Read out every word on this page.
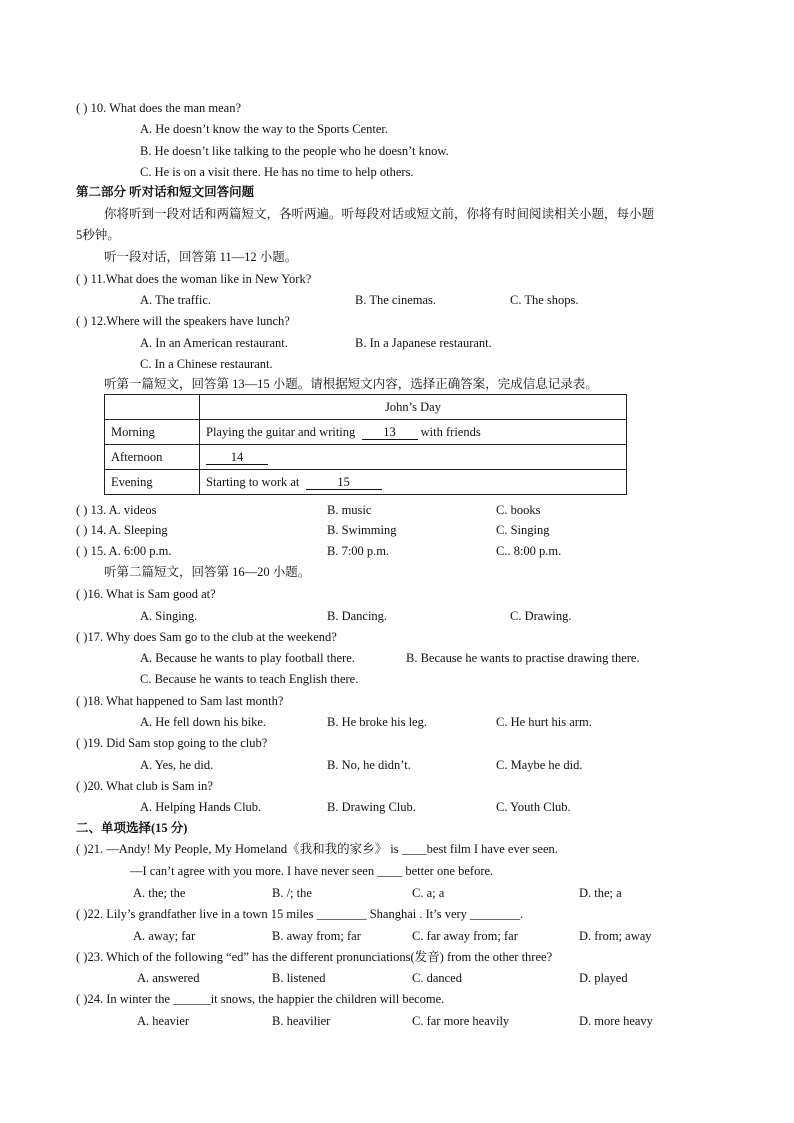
( ) 10. What does the man mean?
A. He doesn’t know the way to the Sports Center.
B. He doesn’t like talking to the people who he doesn’t know.
C. He is on a visit there. He has no time to help others.
第二部分 听对话和短文回答问题
你将听到一段对话和两篇短文，各听两遍。听每段对话或短文前，你将有时间阅读相关小题，每小题
5秒钟。
听一段对话，回答第 11—12 小题。
( ) 11.What does the woman like in New York?
A. The traffic.	B. The cinemas.	C. The shops.
( ) 12.Where will the speakers have lunch?
A. In an American restaurant.	B. In a Japanese restaurant.
C. In a Chinese restaurant.
听第一篇短文，回答第 13—15 小题。请根据短文内容，选择正确答案，完成信息记录表。
	John’s Day
Morning	Playing the guitar and writing  13 with friends
Afternoon	14
Evening	Starting to work at 15
( ) 13. A. videos	B. music	C. books
( ) 14. A. Sleeping	B. Swimming	C. Singing
( ) 15. A. 6:00 p.m.	B. 7:00 p.m.	C.. 8:00 p.m.
听第二篇短文，回答第 16—20 小题。
( )16. What is Sam good at?
A. Singing.	B. Dancing.	C. Drawing.
( )17. Why does Sam go to the club at the weekend?
A. Because he wants to play football there.	B. Because he wants to practise drawing there.
C. Because he wants to teach English there.
( )18. What happened to Sam last month?
A. He fell down his bike.	B. He broke his leg.	C. He hurt his arm.
( )19. Did Sam stop going to the club?
A. Yes, he did.	B. No, he didn’t.	C. Maybe he did.
( )20. What club is Sam in?
A. Helping Hands Club.	B. Drawing Club.	C. Youth Club.
二、单项选择(15 分)
( )21. —Andy! My People, My Homeland《我和我的家乡》 is ____best film I have ever seen.
—I can’t agree with you more. I have never seen ____ better one before.
A. the; the	B. /; the	C. a; a	D. the; a
( )22. Lily’s grandfather live in a town 15 miles ________ Shanghai . It’s very ________.
A. away; far	B. away from; far	C. far away from; far	D. from; away
( )23. Which of the following “ed” has the different pronunciations(发音) from the other three?
A. answered	B. listened	C. danced	D. played
( )24. In winter the ______it snows, the happier the children will become.
A. heavier	B. heavilier	C. far more heavily	D. more heavy
